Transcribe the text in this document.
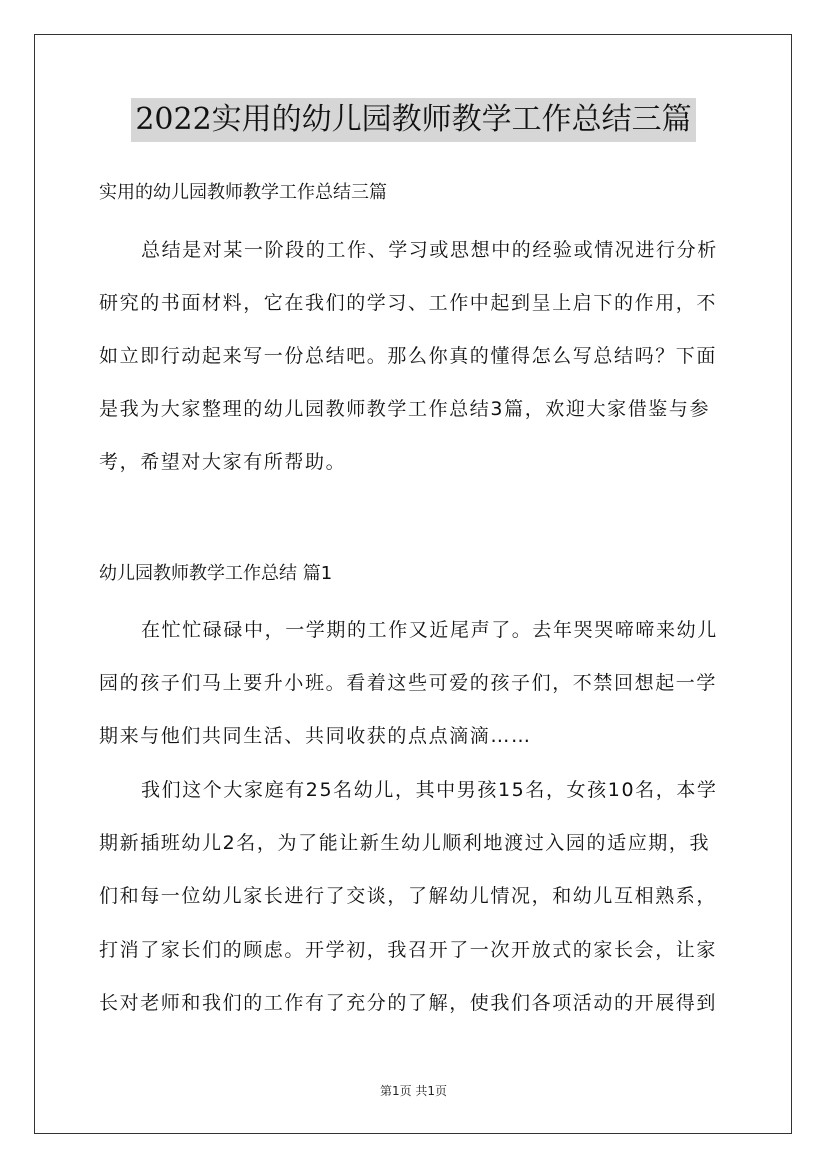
2022实用的幼儿园教师教学工作总结三篇
实用的幼儿园教师教学工作总结三篇
总结是对某一阶段的工作、学习或思想中的经验或情况进行分析
研究的书面材料，它在我们的学习、工作中起到呈上启下的作用，不
如立即行动起来写一份总结吧。那么你真的懂得怎么写总结吗？下面
是我为大家整理的幼儿园教师教学工作总结3篇，欢迎大家借鉴与参
考，希望对大家有所帮助。
幼儿园教师教学工作总结 篇1
在忙忙碌碌中，一学期的工作又近尾声了。去年哭哭啼啼来幼儿
园的孩子们马上要升小班。看着这些可爱的孩子们，不禁回想起一学
期来与他们共同生活、共同收获的点点滴滴……
我们这个大家庭有25名幼儿，其中男孩15名，女孩10名，本学
期新插班幼儿2名，为了能让新生幼儿顺利地渡过入园的适应期，我
们和每一位幼儿家长进行了交谈，了解幼儿情况，和幼儿互相熟系，
打消了家长们的顾虑。开学初，我召开了一次开放式的家长会，让家
长对老师和我们的工作有了充分的了解，使我们各项活动的开展得到
第1页 共1页
